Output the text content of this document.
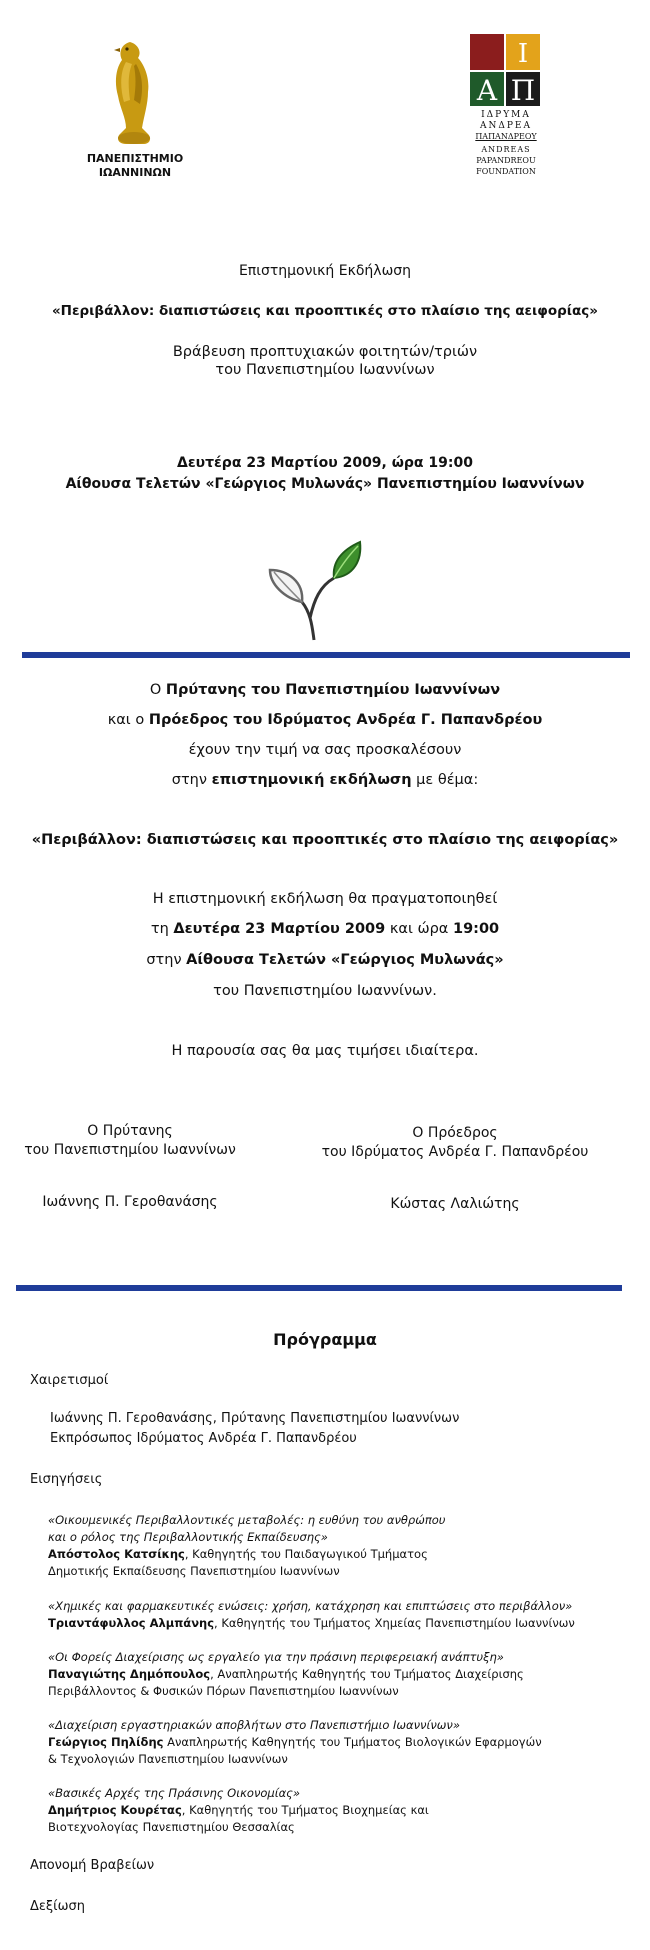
ΠΑΝΕΠΙΣΤΗΜΙΟ
ΙΩΑΝΝΙΝΩΝ
Ι
Α Π
ΙΔΡΥΜΑ
ΑΝΔΡΕΑ
ΠΑΠΑΝΔΡΕΟΥ
ANDREAS
PAPANDREOU
FOUNDATION
Επιστημονική Εκδήλωση
«Περιβάλλον: διαπιστώσεις και προοπτικές στο πλαίσιο της αειφορίας»
Βράβευση προπτυχιακών φοιτητών/τριών
του Πανεπιστημίου Ιωαννίνων
Δευτέρα 23 Μαρτίου 2009, ώρα 19:00
Αίθουσα Τελετών «Γεώργιος Μυλωνάς» Πανεπιστημίου Ιωαννίνων
Ο Πρύτανης του Πανεπιστημίου Ιωαννίνων
και ο Πρόεδρος του Ιδρύματος Ανδρέα Γ. Παπανδρέου
έχουν την τιμή να σας προσκαλέσουν
στην επιστημονική εκδήλωση με θέμα:
«Περιβάλλον: διαπιστώσεις και προοπτικές στο πλαίσιο της αειφορίας»
Η επιστημονική εκδήλωση θα πραγματοποιηθεί
τη Δευτέρα 23 Μαρτίου 2009 και ώρα 19:00
στην Αίθουσα Τελετών «Γεώργιος Μυλωνάς»
του Πανεπιστημίου Ιωαννίνων.
Η παρουσία σας θα μας τιμήσει ιδιαίτερα.
Ο Πρύτανης
του Πανεπιστημίου Ιωαννίνων
Ιωάννης Π. Γεροθανάσης
Ο Πρόεδρος
του Ιδρύματος Ανδρέα Γ. Παπανδρέου
Κώστας Λαλιώτης
Πρόγραμμα
Χαιρετισμοί
Ιωάννης Π. Γεροθανάσης, Πρύτανης Πανεπιστημίου Ιωαννίνων
Εκπρόσωπος Ιδρύματος Ανδρέα Γ. Παπανδρέου
Εισηγήσεις
«Οικουμενικές Περιβαλλοντικές μεταβολές: η ευθύνη του ανθρώπου
και ο ρόλος της Περιβαλλοντικής Εκπαίδευσης»
Απόστολος Κατσίκης, Καθηγητής του Παιδαγωγικού Τμήματος
Δημοτικής Εκπαίδευσης Πανεπιστημίου Ιωαννίνων
«Χημικές και φαρμακευτικές ενώσεις: χρήση, κατάχρηση και επιπτώσεις στο περιβάλλον»
Τριαντάφυλλος Αλμπάνης, Καθηγητής του Τμήματος Χημείας Πανεπιστημίου Ιωαννίνων
«Οι Φορείς Διαχείρισης ως εργαλείο για την πράσινη περιφερειακή ανάπτυξη»
Παναγιώτης Δημόπουλος, Αναπληρωτής Καθηγητής του Τμήματος Διαχείρισης
Περιβάλλοντος & Φυσικών Πόρων Πανεπιστημίου Ιωαννίνων
«Διαχείριση εργαστηριακών αποβλήτων στο Πανεπιστήμιο Ιωαννίνων»
Γεώργιος Πηλίδης Αναπληρωτής Καθηγητής του Τμήματος Βιολογικών Εφαρμογών
& Τεχνολογιών Πανεπιστημίου Ιωαννίνων
«Βασικές Αρχές της Πράσινης Οικονομίας»
Δημήτριος Κουρέτας, Καθηγητής του Τμήματος Βιοχημείας και
Βιοτεχνολογίας Πανεπιστημίου Θεσσαλίας
Απονομή Βραβείων
Δεξίωση
